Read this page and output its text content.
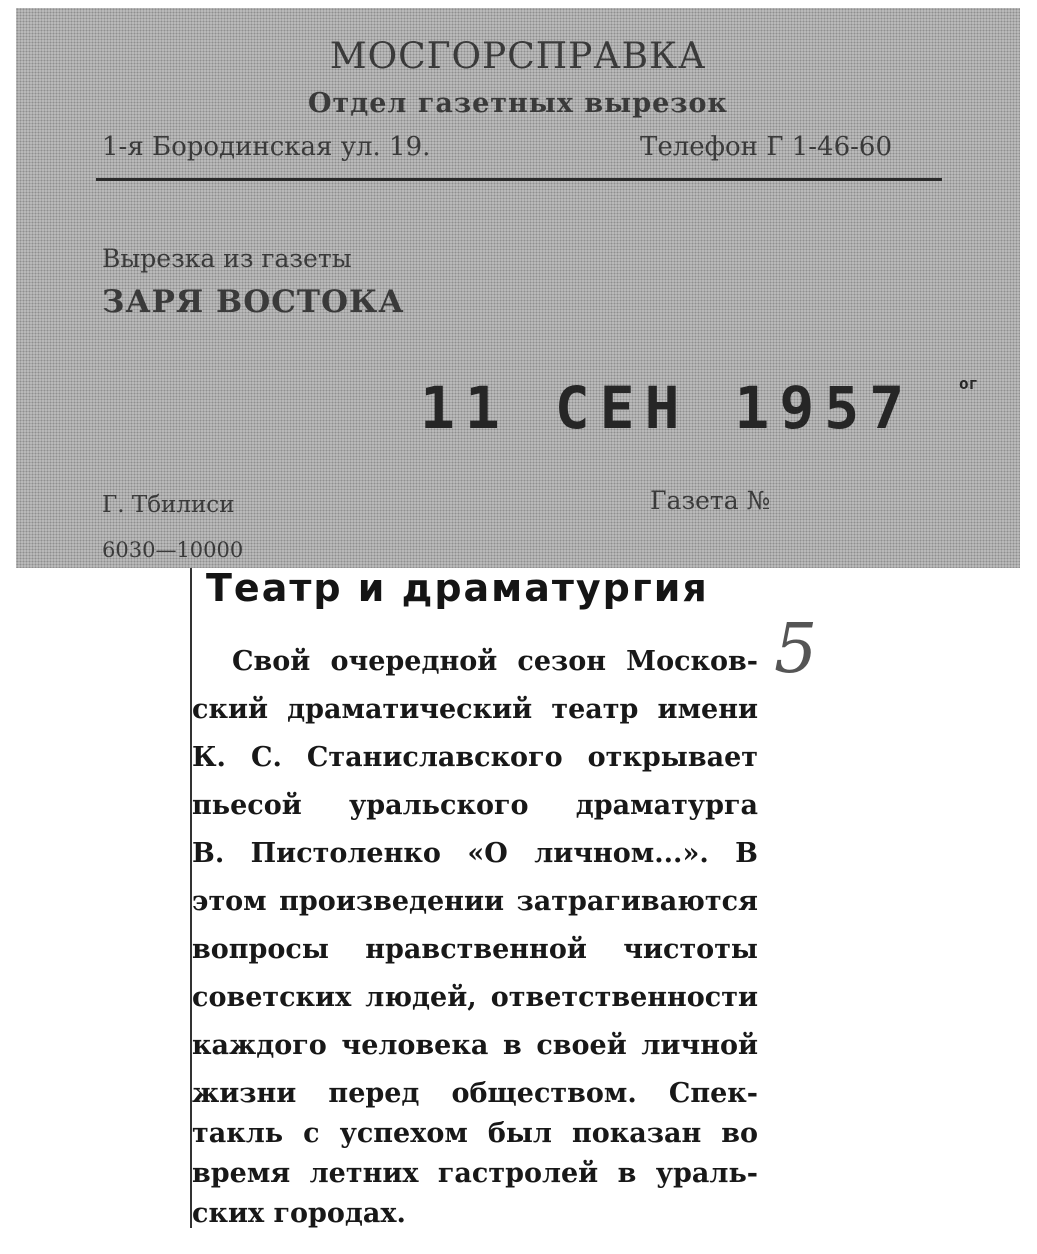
МОСГОРСПРАВКА
Отдел газетных вырезок
1-я Бородинская ул. 19.	Телефон Г 1-46-60
Вырезка из газеты
ЗАРЯ ВОСТОКА
11 СЕН 1957	$^{ог}$
Г. Тбилиси	Газета №
6030—10000
Театр и драматургия
Свой очередной сезон Москов-
ский драматический театр имени
К. С. Станиславского открывает
пьесой уральского драматурга
В. Пистоленко «О личном...». В
этом произведении затрагиваются
вопросы нравственной чистоты
советских людей, ответственности
каждого человека в своей личной
жизни перед обществом. Спек-
такль с успехом был показан во
время летних гастролей в ураль-
ских городах.
5
